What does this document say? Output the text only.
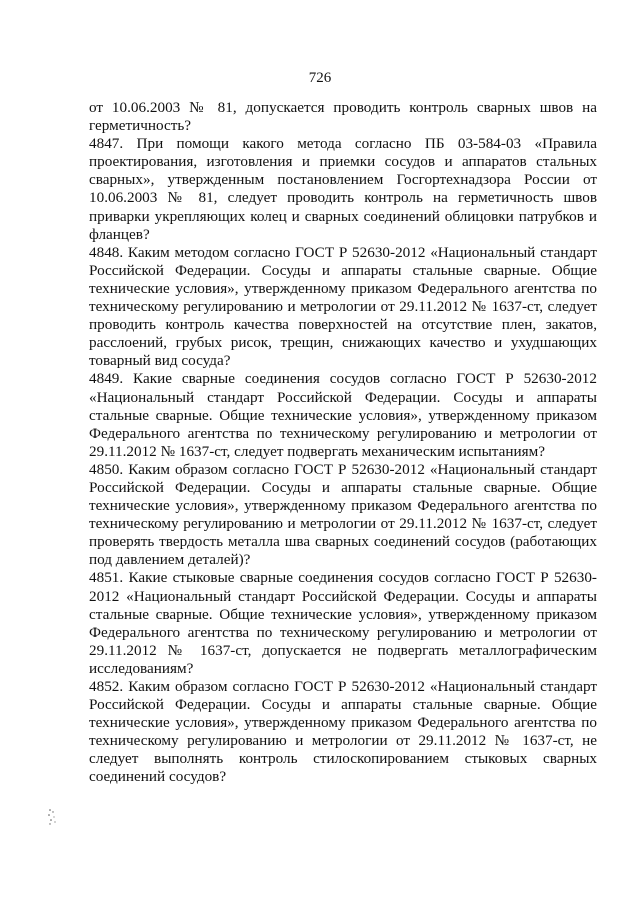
726

от 10.06.2003 № 81, допускается проводить контроль сварных швов на герметичность?

4847. При помощи какого метода согласно ПБ 03-584-03 «Правила проектирования, изготовления и приемки сосудов и аппаратов стальных сварных», утвержденным постановлением Госгортехнадзора России от 10.06.2003 № 81, следует проводить контроль на герметичность швов приварки укрепляющих колец и сварных соединений облицовки патрубков и фланцев?

4848. Каким методом согласно ГОСТ Р 52630-2012 «Национальный стандарт Российской Федерации. Сосуды и аппараты стальные сварные. Общие технические условия», утвержденному приказом Федерального агентства по техническому регулированию и метрологии от 29.11.2012 № 1637-ст, следует проводить контроль качества поверхностей на отсутствие плен, закатов, расслоений, грубых рисок, трещин, снижающих качество и ухудшающих товарный вид сосуда?

4849. Какие сварные соединения сосудов согласно ГОСТ Р 52630-2012 «Национальный стандарт Российской Федерации. Сосуды и аппараты стальные сварные. Общие технические условия», утвержденному приказом Федерального агентства по техническому регулированию и метрологии от 29.11.2012 № 1637-ст, следует подвергать механическим испытаниям?

4850. Каким образом согласно ГОСТ Р 52630-2012 «Национальный стандарт Российской Федерации. Сосуды и аппараты стальные сварные. Общие технические условия», утвержденному приказом Федерального агентства по техническому регулированию и метрологии от 29.11.2012 № 1637-ст, следует проверять твердость металла шва сварных соединений сосудов (работающих под давлением деталей)?

4851. Какие стыковые сварные соединения сосудов согласно ГОСТ Р 52630-2012 «Национальный стандарт Российской Федерации. Сосуды и аппараты стальные сварные. Общие технические условия», утвержденному приказом Федерального агентства по техническому регулированию и метрологии от 29.11.2012 № 1637-ст, допускается не подвергать металлографическим исследованиям?

4852. Каким образом согласно ГОСТ Р 52630-2012 «Национальный стандарт Российской Федерации. Сосуды и аппараты стальные сварные. Общие технические условия», утвержденному приказом Федерального агентства по техническому регулированию и метрологии от 29.11.2012 № 1637-ст, не следует выполнять контроль стилоскопированием стыковых сварных соединений сосудов?
